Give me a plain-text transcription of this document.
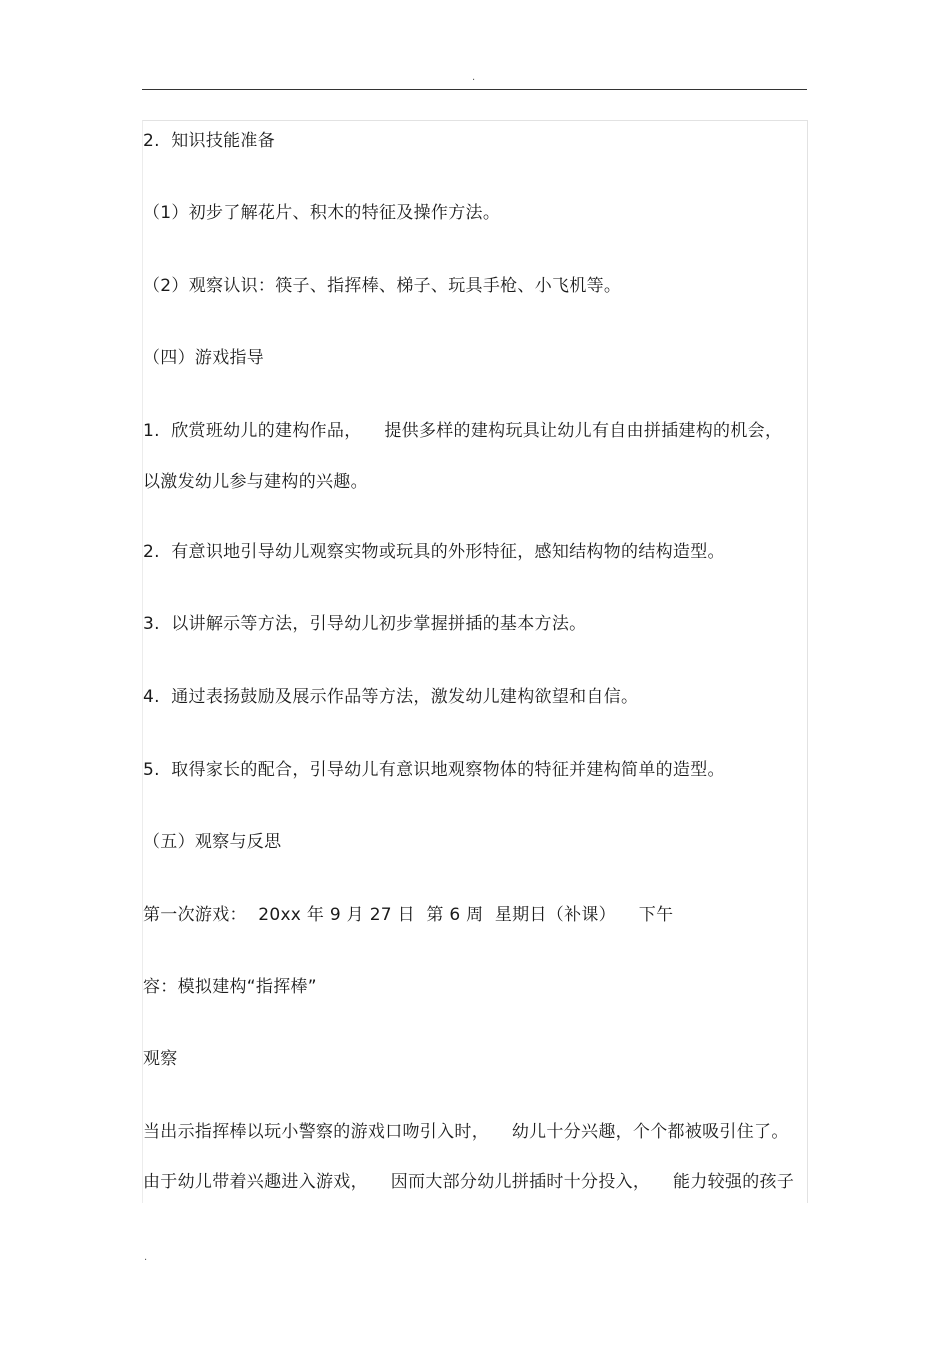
.
2.  知识技能准备
（1）初步了解花片、积木的特征及操作方法。
（2）观察认识：筷子、指挥棒、梯子、玩具手枪、小飞机等。
（四）游戏指导
1.  欣赏班幼儿的建构作品，    提供多样的建构玩具让幼儿有自由拼插建构的机会，
以激发幼儿参与建构的兴趣。
2.  有意识地引导幼儿观察实物或玩具的外形特征，感知结构物的结构造型。
3.  以讲解示等方法，引导幼儿初步掌握拼插的基本方法。
4.  通过表扬鼓励及展示作品等方法，激发幼儿建构欲望和自信。
5.  取得家长的配合，引导幼儿有意识地观察物体的特征并建构简单的造型。
（五）观察与反思
第一次游戏：  20xx 年 9 月 27 日  第 6 周  星期日（补课）    下午
容：模拟建构“指挥棒”
观察
当出示指挥棒以玩小警察的游戏口吻引入时，    幼儿十分兴趣，个个都被吸引住了。
由于幼儿带着兴趣进入游戏，    因而大部分幼儿拼插时十分投入，    能力较强的孩子
.
